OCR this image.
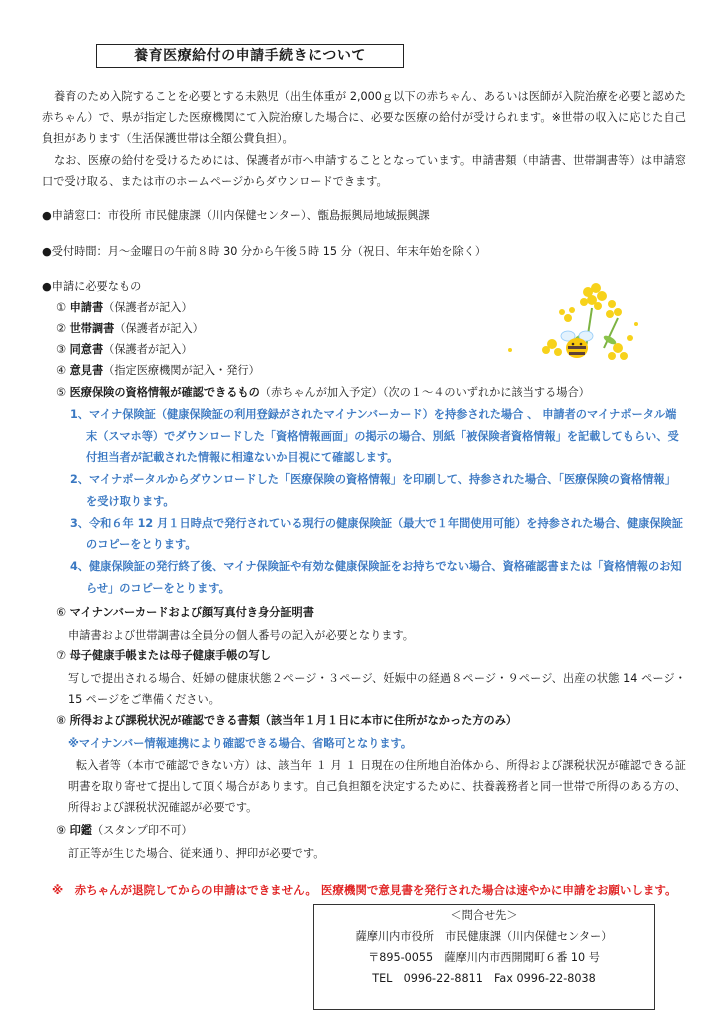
養育医療給付の申請手続きについて
養育のため入院することを必要とする未熟児（出生体重が 2,000ｇ以下の赤ちゃん、あるいは医師が入院治療を必要と認めた赤ちゃん）で、県が指定した医療機関にて入院治療した場合に、必要な医療の給付が受けられます。※世帯の収入に応じた自己負担があります（生活保護世帯は全額公費負担）。
なお、医療の給付を受けるためには、保護者が市へ申請することとなっています。申請書類（申請書、世帯調書等）は申請窓口で受け取る、または市のホームページからダウンロードできます。
●申請窓口：市役所 市民健康課（川内保健センター）、甑島振興局地域振興課
●受付時間：月～金曜日の午前８時 30 分から午後５時 15 分（祝日、年末年始を除く）
●申請に必要なもの
① 申請書（保護者が記入）
② 世帯調書（保護者が記入）
③ 同意書（保護者が記入）
④ 意見書（指定医療機関が記入・発行）
⑤ 医療保険の資格情報が確認できるもの（赤ちゃんが加入予定）（次の１～４のいずれかに該当する場合）
1、マイナ保険証（健康保険証の利用登録がされたマイナンバーカード）を持参された場合 、 申請者のマイナポータル端末（スマホ等）でダウンロードした「資格情報画面」の掲示の場合、別紙「被保険者資格情報」を記載してもらい、受付担当者が記載された情報に相違ないか目視にて確認します。
2、マイナポータルからダウンロードした「医療保険の資格情報」を印刷して、持参された場合、「医療保険の資格情報」を受け取ります。
3、令和６年 12 月１日時点で発行されている現行の健康保険証（最大で１年間使用可能）を持参された場合、健康保険証のコピーをとります。
4、健康保険証の発行終了後、マイナ保険証や有効な健康保険証をお持ちでない場合、資格確認書または「資格情報のお知らせ」のコピーをとります。
⑥ マイナンバーカードおよび顔写真付き身分証明書
申請書および世帯調書は全員分の個人番号の記入が必要となります。
⑦ 母子健康手帳または母子健康手帳の写し
写しで提出される場合、妊婦の健康状態２ページ・３ページ、妊娠中の経過８ページ・９ページ、出産の状態 14 ページ・15 ページをご準備ください。
⑧ 所得および課税状況が確認できる書類（該当年１月１日に本市に住所がなかった方のみ）
※マイナンバー情報連携により確認できる場合、省略可となります。
転入者等（本市で確認できない方）は、該当年 １ 月 １ 日現在の住所地自治体から、所得および課税状況が確認できる証明書を取り寄せて提出して頂く場合があります。自己負担額を決定するために、扶養義務者と同一世帯で所得のある方の、所得および課税状況確認が必要です。
⑨ 印鑑（スタンプ印不可）
訂正等が生じた場合、従来通り、押印が必要です。
※　赤ちゃんが退院してからの申請はできません。 医療機関で意見書を発行された場合は速やかに申請をお願いします。
＜問合せ先＞
薩摩川内市役所　市民健康課（川内保健センター）
〒895-0055　薩摩川内市西開聞町６番 10 号
TEL　0996-22-8811　Fax 0996-22-8038
